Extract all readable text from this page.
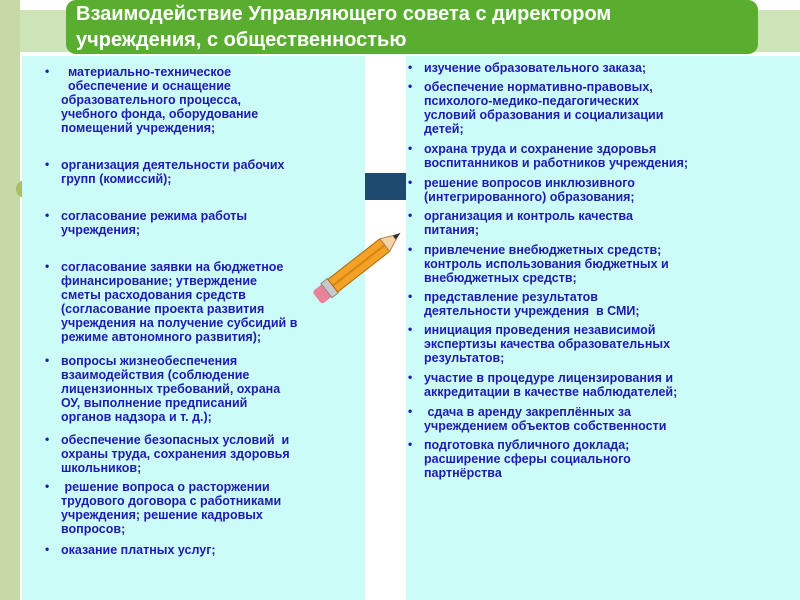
Взаимодействие Управляющего совета с директором
учреждения, с общественностью
•	материально-техническое
обеспечение и оснащение
образовательного процесса,
учебного фонда, оборудование
помещений учреждения;
• организация деятельности рабочих
групп (комиссий);
• согласование режима работы
учреждения;
• согласование заявки на бюджетное
финансирование; утверждение
сметы расходования средств
(согласование проекта развития
учреждения на получение субсидий в
режиме автономного развития);
• вопросы жизнеобеспечения
взаимодействия (соблюдение
лицензионных требований, охрана
ОУ, выполнение предписаний
органов надзора и т. д.);
• обеспечение безопасных условий  и
охраны труда, сохранения здоровья
школьников;
• решение вопроса о расторжении
трудового договора с работниками
учреждения; решение кадровых
вопросов;
• оказание платных услуг;
• изучение образовательного заказа;
• обеспечение нормативно-правовых,
психолого-медико-педагогических
условий образования и социализации
детей;
• охрана труда и сохранение здоровья
воспитанников и работников учреждения;
• решение вопросов инклюзивного
(интегрированного) образования;
• организация и контроль качества
питания;
• привлечение внебюджетных средств;
контроль использования бюджетных и
внебюджетных средств;
• представление результатов
деятельности учреждения  в СМИ;
• инициация проведения независимой
экспертизы качества образовательных
результатов;
• участие в процедуре лицензирования и
аккредитации в качестве наблюдателей;
• сдача в аренду закреплённых за
учреждением объектов собственности
• подготовка публичного доклада;
расширение сферы социального
партнёрства
